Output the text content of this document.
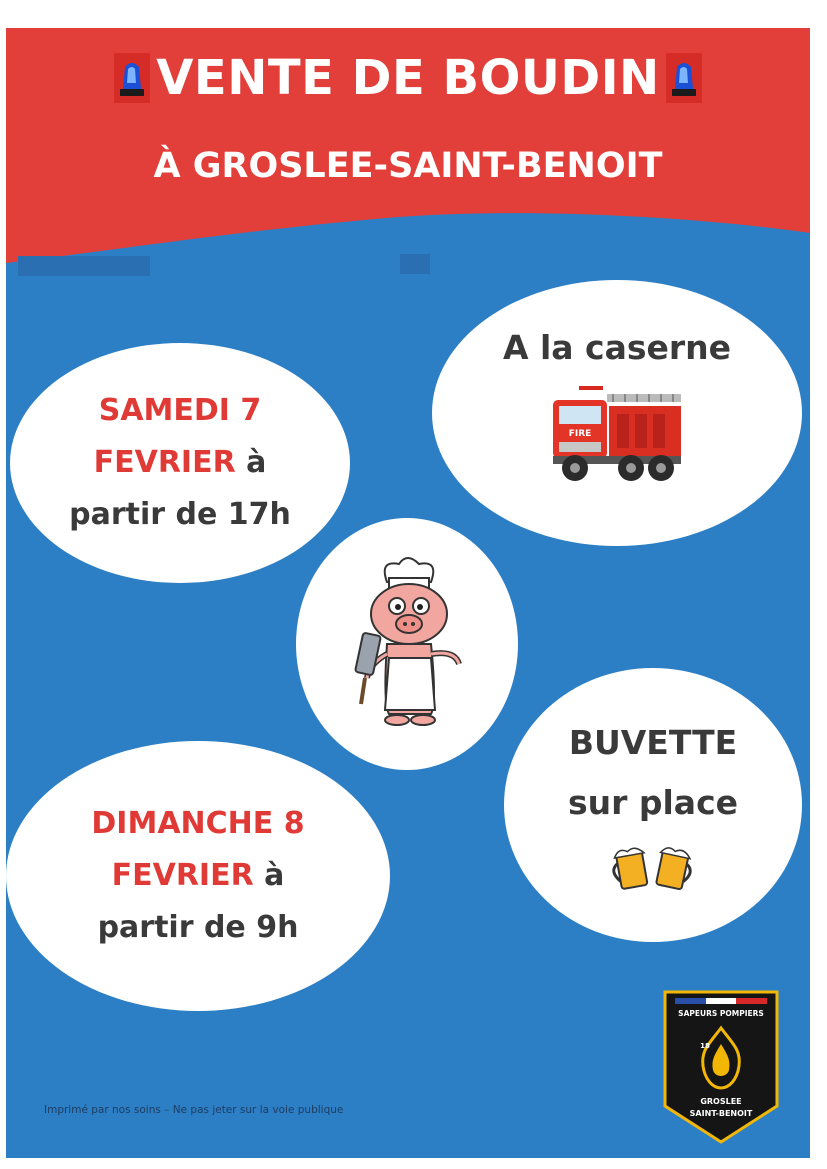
VENTE DE BOUDIN
À GROSLEE-SAINT-BENOIT
SAMEDI 7
FEVRIER à
partir de 17h
A la caserne
FIRE
BUVETTE
sur place
DIMANCHE 8
FEVRIER à
partir de 9h
Imprimé par nos soins – Ne pas jeter sur la voie publique
SAPEURS POMPIERS
18
GROSLEE
SAINT-BENOIT
